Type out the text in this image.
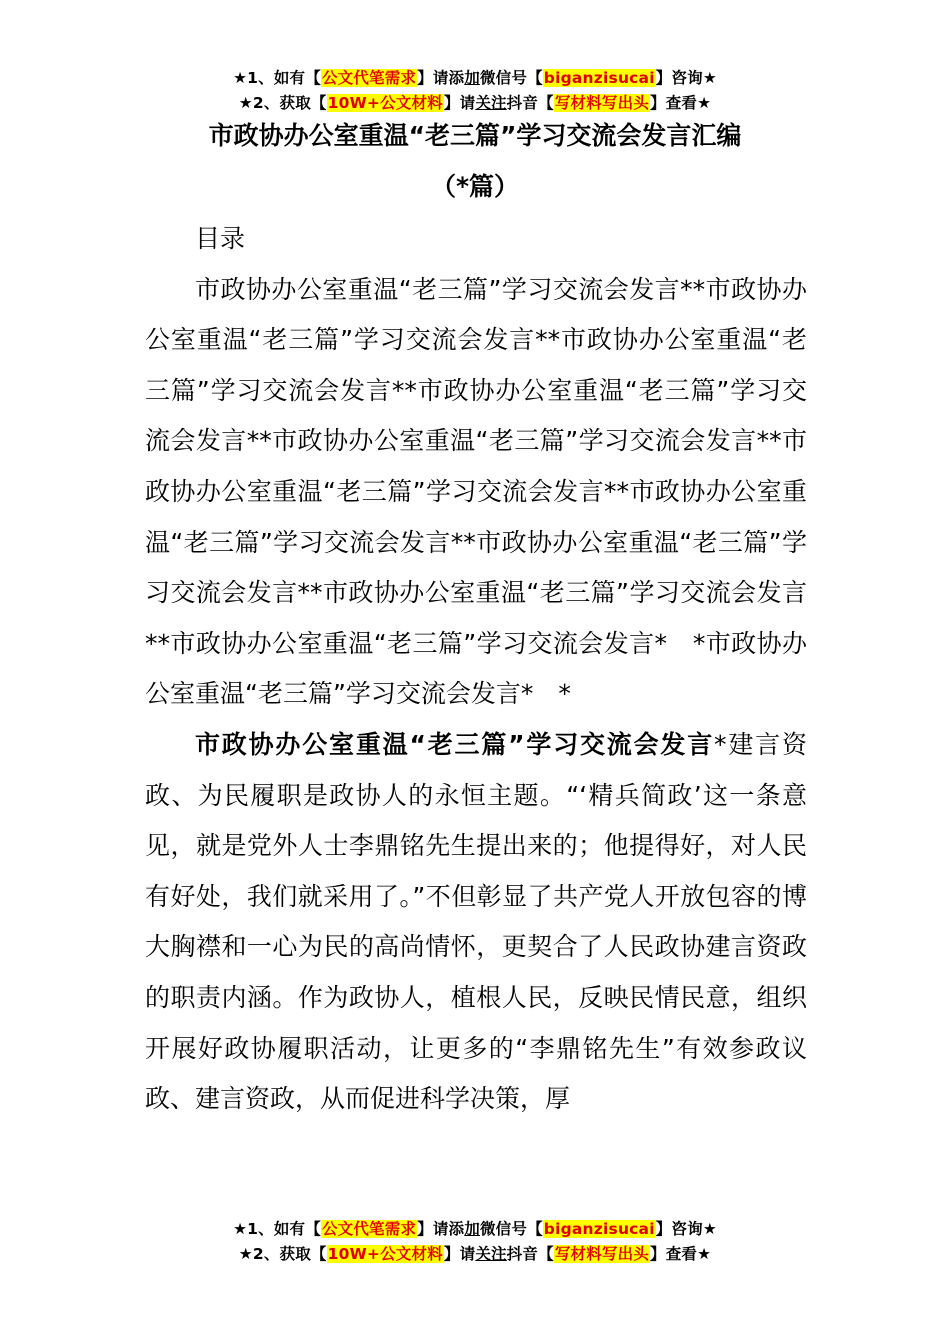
★1、如有【公文代笔需求】请添加微信号【biganzisucai】咨询★
★2、获取【10W+公文材料】请关注抖音【写材料写出头】查看★
市政协办公室重温“老三篇”学习交流会发言汇编
（*篇）

目录

市政协办公室重温“老三篇”学习交流会发言**市政协办公室重温“老三篇”学习交流会发言**市政协办公室重温“老三篇”学习交流会发言**市政协办公室重温“老三篇”学习交流会发言**市政协办公室重温“老三篇”学习交流会发言**市政协办公室重温“老三篇”学习交流会发言**市政协办公室重温“老三篇”学习交流会发言**市政协办公室重温“老三篇”学习交流会发言**市政协办公室重温“老三篇”学习交流会发言**市政协办公室重温“老三篇”学习交流会发言*　*市政协办公室重温“老三篇”学习交流会发言*　*

市政协办公室重温“老三篇”学习交流会发言*建言资政、为民履职是政协人的永恒主题。“‘精兵简政’这一条意见，就是党外人士李鼎铭先生提出来的；他提得好，对人民有好处，我们就采用了。”不但彰显了共产党人开放包容的博大胸襟和一心为民的高尚情怀，更契合了人民政协建言资政的职责内涵。作为政协人，植根人民，反映民情民意，组织开展好政协履职活动，让更多的“李鼎铭先生”有效参政议政、建言资政，从而促进科学决策，厚

★1、如有【公文代笔需求】请添加微信号【biganzisucai】咨询★
★2、获取【10W+公文材料】请关注抖音【写材料写出头】查看★
